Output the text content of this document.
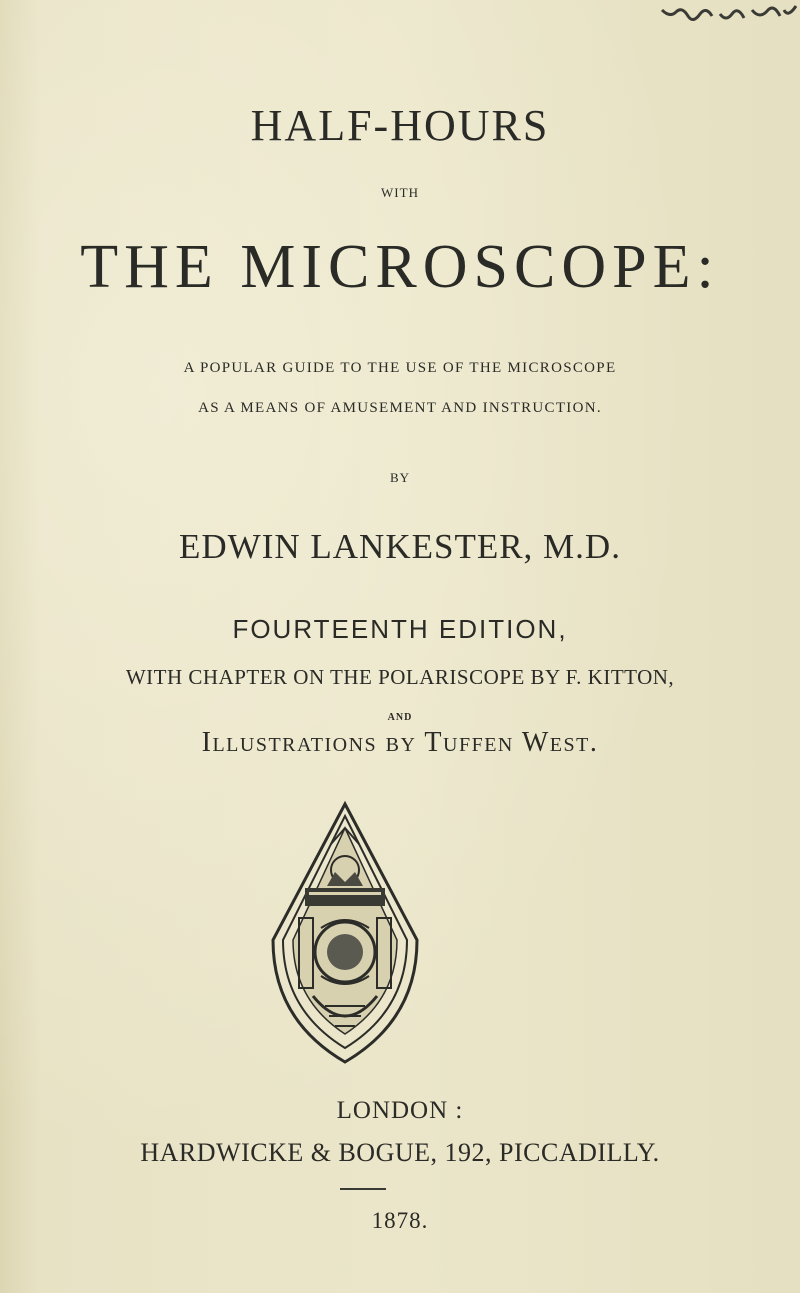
HALF-HOURS
WITH
THE MICROSCOPE:
A POPULAR GUIDE TO THE USE OF THE MICROSCOPE
AS A MEANS OF AMUSEMENT AND INSTRUCTION.
BY
EDWIN LANKESTER, M.D.
FOURTEENTH EDITION,
WITH CHAPTER ON THE POLARISCOPE BY F. KITTON,
AND
Illustrations by Tuffen West.
LONDON :
HARDWICKE & BOGUE, 192, PICCADILLY.
1878.
